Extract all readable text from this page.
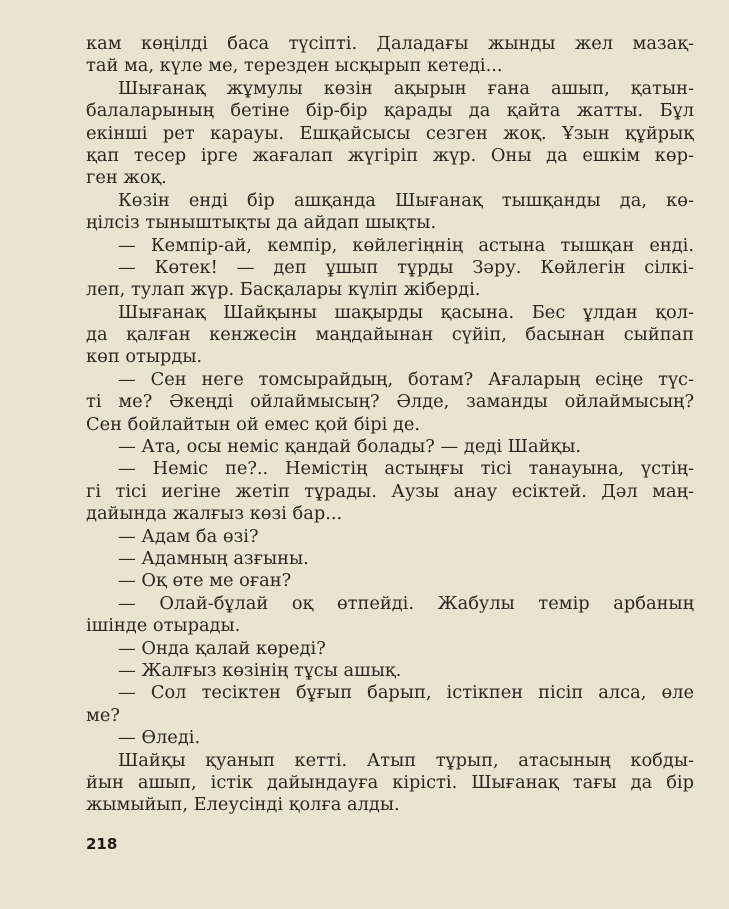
кам көңілді баса түсіпті. Даладағы жынды жел мазақ-
тай ма, күле ме, терезден ысқырып кетеді...
Шығанақ жұмулы көзін ақырын ғана ашып, қатын-
балаларының бетіне бір-бір қарады да қайта жатты. Бұл
екінші рет карауы. Ешқайсысы сезген жоқ. Ұзын құйрық
қап тесер ірге жағалап жүгіріп жүр. Оны да ешкім көр-
ген жоқ.
Көзін енді бір ашқанда Шығанақ тышқанды да, кө-
ңілсіз тыныштықты да айдап шықты.
— Кемпір-ай, кемпір, көйлегіңнің астына тышқан енді.
— Көтек! — деп ұшып тұрды Зәру. Көйлегін сілкі-
леп, тулап жүр. Басқалары күліп жіберді.
Шығанақ Шайқыны шақырды қасына. Бес ұлдан қол-
да қалған кенжесін маңдайынан сүйіп, басынан сыйпап
көп отырды.
— Сен неге томсырайдың, ботам? Ағаларың есіңе түс-
ті ме? Әкеңді ойлаймысың? Әлде, заманды ойлаймысың?
Сен бойлайтын ой емес қой бірі де.
— Ата, осы неміс қандай болады? — деді Шайқы.
— Неміс пе?.. Немістің астыңғы тісі танауына, үстің-
гі тісі иегіне жетіп тұрады. Аузы анау есіктей. Дәл маң-
дайында жалғыз көзі бар...
— Адам ба өзі?
— Адамның азғыны.
— Оқ өте ме оған?
— Олай-бұлай оқ өтпейді. Жабулы темір арбаның
ішінде отырады.
— Онда қалай көреді?
— Жалғыз көзінің тұсы ашық.
— Сол тесіктен бұғып барып, істікпен пісіп алса, өле
ме?
— Өледі.
Шайқы қуанып кетті. Атып тұрып, атасының кобды-
йын ашып, істік дайындауға кірісті. Шығанақ тағы да бір
жымыйып, Елеусінді қолға алды.
218
